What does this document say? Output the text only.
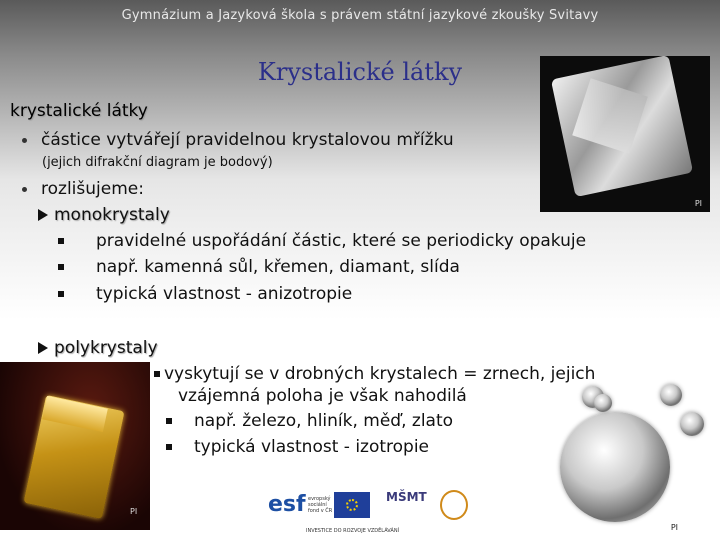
Gymnázium a Jazyková škola s právem státní jazykové zkoušky Svitavy
Krystalické látky
PI
krystalické látky
částice vytvářejí pravidelnou krystalovou mřížku
(jejich difrakční diagram je bodový)
rozlišujeme:
monokrystaly
pravidelné uspořádání částic, které se periodicky opakuje
např. kamenná sůl, křemen, diamant, slída
typická vlastnost - anizotropie
polykrystaly
PI
PI
vyskytují se v drobných krystalech = zrnech, jejich
vzájemná poloha je však nahodilá
např. železo, hliník, měď, zlato
typická vlastnost - izotropie
esf evropský sociální fond v ČR
MŠMT
INVESTICE DO ROZVOJE VZDĚLÁVÁNÍ
